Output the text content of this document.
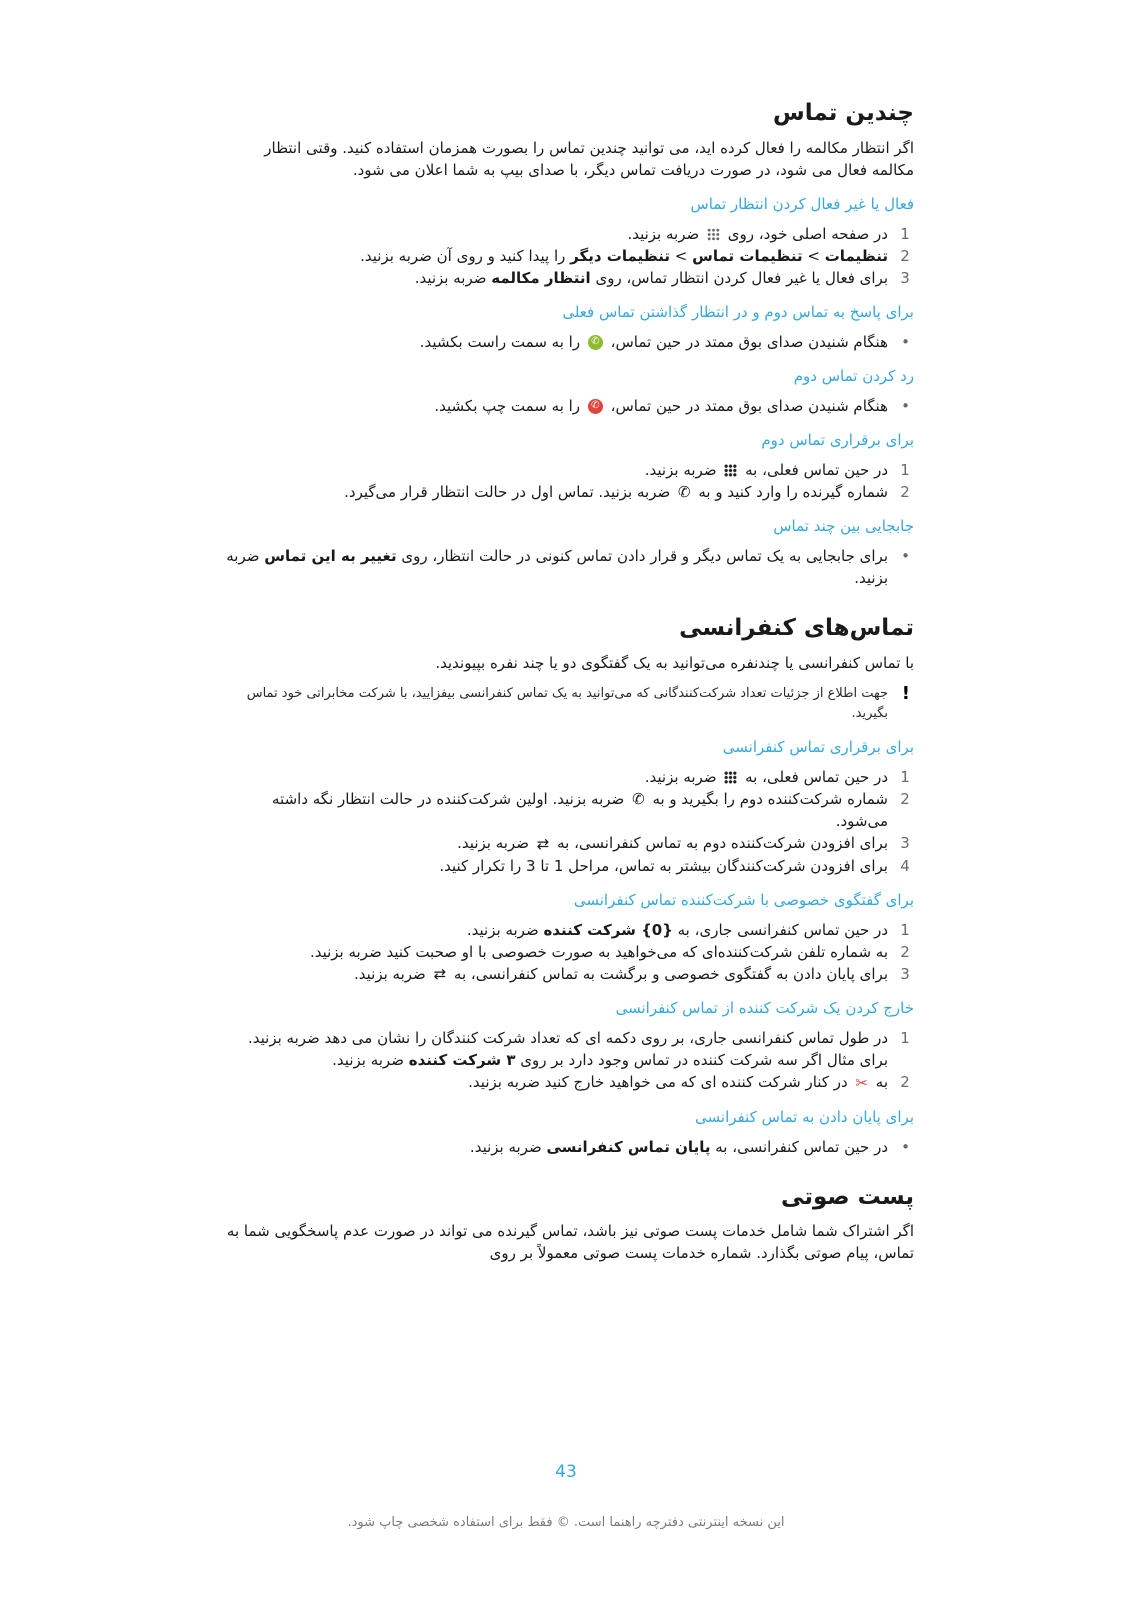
چندین تماس

اگر انتظار مکالمه را فعال کرده اید، می توانید چندین تماس را بصورت همزمان استفاده کنید. وقتی انتظار مکالمه فعال می شود، در صورت دریافت تماس دیگر، با صدای بیپ به شما اعلان می شود.

فعال یا غیر فعال کردن انتظار تماس
1
در صفحه اصلی خود، روی  ضربه بزنید.
2
تنظیمات > تنظیمات تماس > تنظیمات دیگر را پیدا کنید و روی آن ضربه بزنید.
3
برای فعال یا غیر فعال کردن انتظار تماس، روی انتظار مکالمه ضربه بزنید.
برای پاسخ به تماس دوم و در انتظار گذاشتن تماس فعلی
•
هنگام شنیدن صدای بوق ممتد در حین تماس، ✆ را به سمت راست بکشید.
رد کردن تماس دوم
•
هنگام شنیدن صدای بوق ممتد در حین تماس، ✆ را به سمت چپ بکشید.
برای برقراری تماس دوم
1
در حین تماس فعلی، به  ضربه بزنید.
2
شماره گیرنده را وارد کنید و به ✆ ضربه بزنید. تماس اول در حالت انتظار قرار می‌گیرد.
جابجایی بین چند تماس
•
برای جابجایی به یک تماس دیگر و قرار دادن تماس کنونی در حالت انتظار، روی تغییر به این تماس ضربه بزنید.
تماس‌های کنفرانسی

با تماس کنفرانسی یا چندنفره می‌توانید به یک گفتگوی دو یا چند نفره بپیوندید.

!
جهت اطلاع از جزئیات تعداد شرکت‌کنندگانی که می‌توانید به یک تماس کنفرانسی بیفزایید، با شرکت مخابراتی خود تماس بگیرید.
برای برقراری تماس کنفرانسی
1
در حین تماس فعلی، به  ضربه بزنید.
2
شماره شرکت‌کننده دوم را بگیرید و به ✆ ضربه بزنید. اولین شرکت‌کننده در حالت انتظار نگه داشته می‌شود.
3
برای افزودن شرکت‌کننده دوم به تماس کنفرانسی، به ⇄ ضربه بزنید.
4
برای افزودن شرکت‌کنندگان بیشتر به تماس، مراحل 1 تا 3 را تکرار کنید.
برای گفتگوی خصوصی با شرکت‌کننده تماس کنفرانسی
1
در حین تماس کنفرانسی جاری، به {0} شرکت کننده ضربه بزنید.
2
به شماره تلفن شرکت‌کننده‌ای که می‌خواهید به صورت خصوصی با او صحبت کنید ضربه بزنید.
3
برای پایان دادن به گفتگوی خصوصی و برگشت به تماس کنفرانسی، به ⇄ ضربه بزنید.
خارج کردن یک شرکت کننده از تماس کنفرانسی
1
در طول تماس کنفرانسی جاری، بر روی دکمه ای که تعداد شرکت کنندگان را نشان می دهد ضربه بزنید. برای مثال اگر سه شرکت کننده در تماس وجود دارد بر روی ۳ شرکت کننده ضربه بزنید.
2
به ✂ در کنار شرکت کننده ای که می خواهید خارج کنید ضربه بزنید.
برای پایان دادن به تماس کنفرانسی
•
در حین تماس کنفرانسی، به پایان تماس کنفرانسی ضربه بزنید.
پست صوتی

اگر اشتراک شما شامل خدمات پست صوتی نیز باشد، تماس گیرنده می تواند در صورت عدم پاسخگویی شما به تماس، پیام صوتی بگذارد. شماره خدمات پست صوتی معمولاً بر روی

43
این نسخه اینترنتی دفترچه راهنما است. © فقط برای استفاده شخصی چاپ شود.
